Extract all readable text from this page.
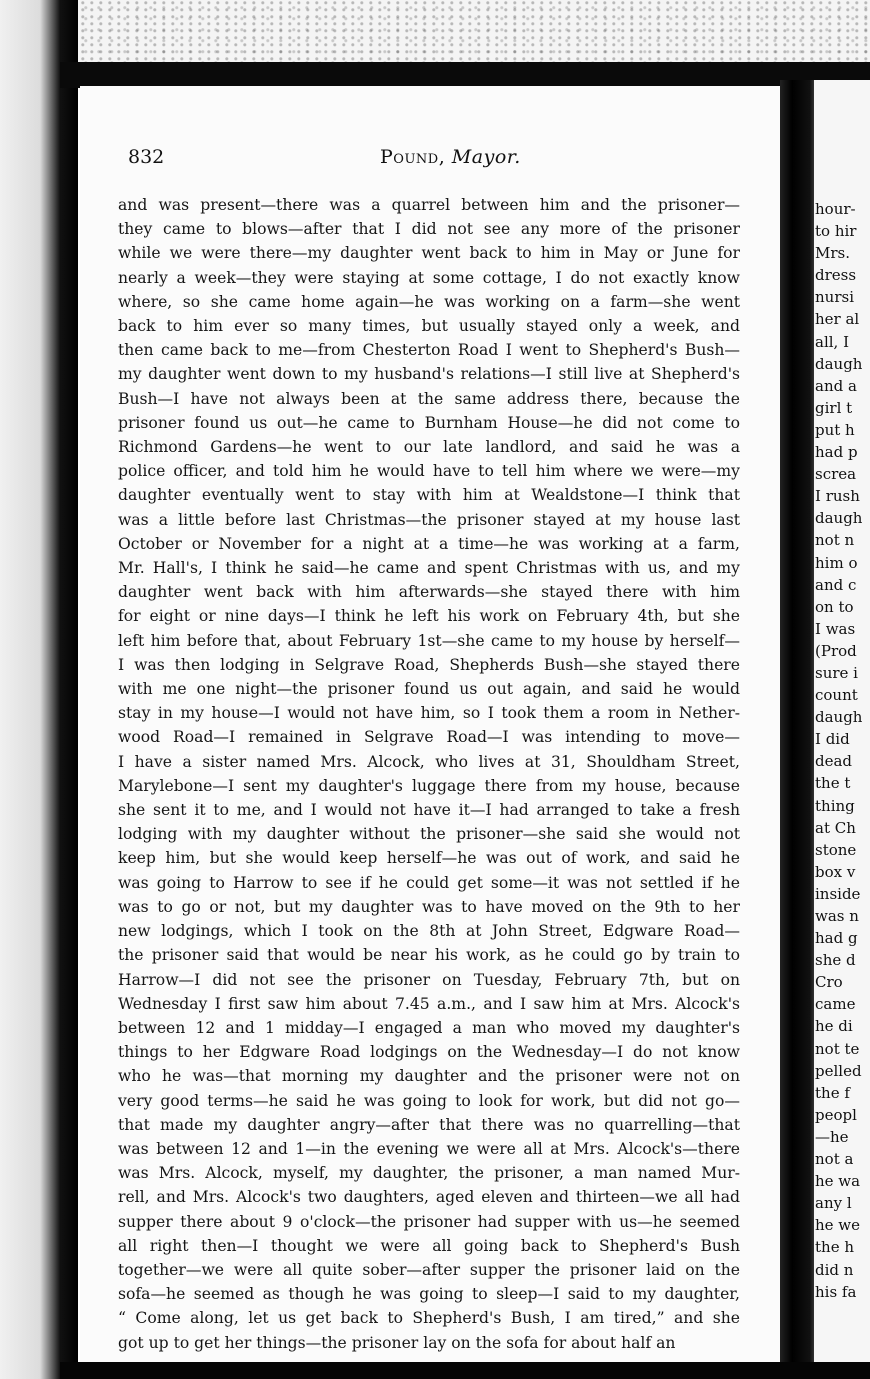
832	Pound, Mayor.
and was present—there was a quarrel between him and the prisoner—
they came to blows—after that I did not see any more of the prisoner
while we were there—my daughter went back to him in May or June for
nearly a week—they were staying at some cottage, I do not exactly know
where, so she came home again—he was working on a farm—she went
back to him ever so many times, but usually stayed only a week, and
then came back to me—from Chesterton Road I went to Shepherd's Bush—
my daughter went down to my husband's relations—I still live at Shepherd's
Bush—I have not always been at the same address there, because the
prisoner found us out—he came to Burnham House—he did not come to
Richmond Gardens—he went to our late landlord, and said he was a
police officer, and told him he would have to tell him where we were—my
daughter eventually went to stay with him at Wealdstone—I think that
was a little before last Christmas—the prisoner stayed at my house last
October or November for a night at a time—he was working at a farm,
Mr. Hall's, I think he said—he came and spent Christmas with us, and my
daughter went back with him afterwards—she stayed there with him
for eight or nine days—I think he left his work on February 4th, but she
left him before that, about February 1st—she came to my house by herself—
I was then lodging in Selgrave Road, Shepherds Bush—she stayed there
with me one night—the prisoner found us out again, and said he would
stay in my house—I would not have him, so I took them a room in Nether-
wood Road—I remained in Selgrave Road—I was intending to move—
I have a sister named Mrs. Alcock, who lives at 31, Shouldham Street,
Marylebone—I sent my daughter's luggage there from my house, because
she sent it to me, and I would not have it—I had arranged to take a fresh
lodging with my daughter without the prisoner—she said she would not
keep him, but she would keep herself—he was out of work, and said he
was going to Harrow to see if he could get some—it was not settled if he
was to go or not, but my daughter was to have moved on the 9th to her
new lodgings, which I took on the 8th at John Street, Edgware Road—
the prisoner said that would be near his work, as he could go by train to
Harrow—I did not see the prisoner on Tuesday, February 7th, but on
Wednesday I first saw him about 7.45 a.m., and I saw him at Mrs. Alcock's
between 12 and 1 midday—I engaged a man who moved my daughter's
things to her Edgware Road lodgings on the Wednesday—I do not know
who he was—that morning my daughter and the prisoner were not on
very good terms—he said he was going to look for work, but did not go—
that made my daughter angry—after that there was no quarrelling—that
was between 12 and 1—in the evening we were all at Mrs. Alcock's—there
was Mrs. Alcock, myself, my daughter, the prisoner, a man named Mur-
rell, and Mrs. Alcock's two daughters, aged eleven and thirteen—we all had
supper there about 9 o'clock—the prisoner had supper with us—he seemed
all right then—I thought we were all going back to Shepherd's Bush
together—we were all quite sober—after supper the prisoner laid on the
sofa—he seemed as though he was going to sleep—I said to my daughter,
“ Come along, let us get back to Shepherd's Bush, I am tired,” and she
got up to get her things—the prisoner lay on the sofa for about half an
hour-
to hir
Mrs.
dress
nursi
her al
all, I
daugh
and a
girl t
put h
had p
screa
I rush
daugh
not n
him o
and c
on to
I was
(Prod
sure i
count
daugh
I did
dead
the t
thing
at Ch
stone
box v
inside
was n
had g
she d
Cro
came
he di
not te
pelled
the f
peopl
—he
not a
he wa
any l
he we
the h
did n
his fa
